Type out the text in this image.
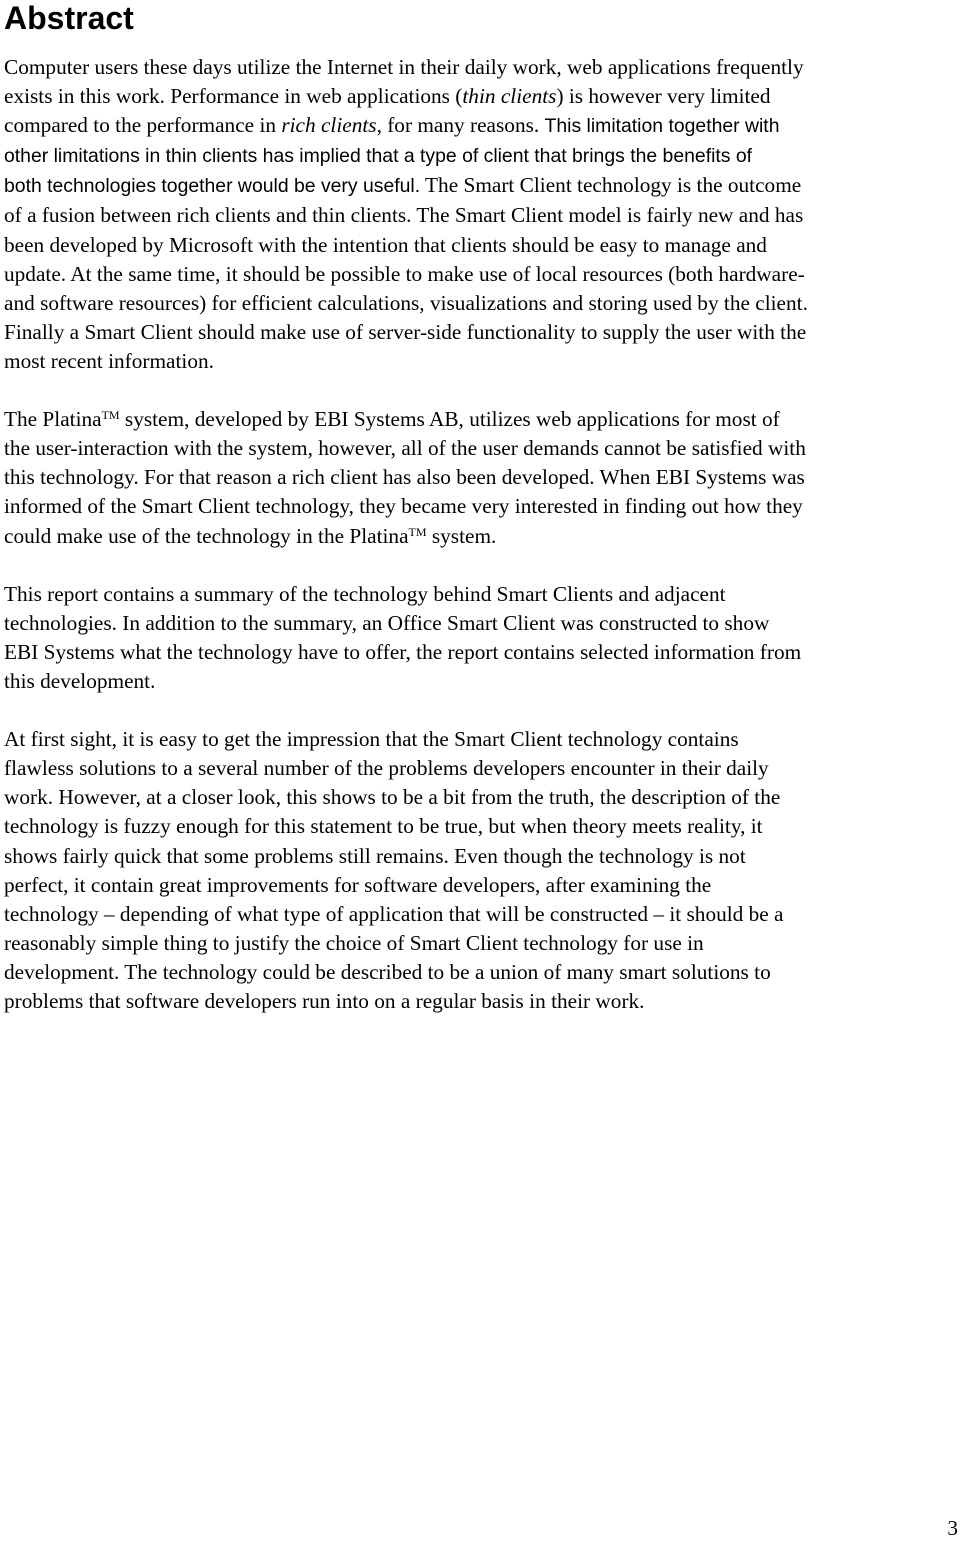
Abstract

Computer users these days utilize the Internet in their daily work, web applications frequently
exists in this work. Performance in web applications (thin clients) is however very limited
compared to the performance in rich clients, for many reasons. This limitation together with
other limitations in thin clients has implied that a type of client that brings the benefits of
both technologies together would be very useful. The Smart Client technology is the outcome
of a fusion between rich clients and thin clients. The Smart Client model is fairly new and has
been developed by Microsoft with the intention that clients should be easy to manage and
update. At the same time, it should be possible to make use of local resources (both hardware-
and software resources) for efficient calculations, visualizations and storing used by the client.
Finally a Smart Client should make use of server-side functionality to supply the user with the
most recent information.

The Platina™ system, developed by EBI Systems AB, utilizes web applications for most of
the user-interaction with the system, however, all of the user demands cannot be satisfied with
this technology. For that reason a rich client has also been developed. When EBI Systems was
informed of the Smart Client technology, they became very interested in finding out how they
could make use of the technology in the Platina™ system.

This report contains a summary of the technology behind Smart Clients and adjacent
technologies. In addition to the summary, an Office Smart Client was constructed to show
EBI Systems what the technology have to offer, the report contains selected information from
this development.

At first sight, it is easy to get the impression that the Smart Client technology contains
flawless solutions to a several number of the problems developers encounter in their daily
work. However, at a closer look, this shows to be a bit from the truth, the description of the
technology is fuzzy enough for this statement to be true, but when theory meets reality, it
shows fairly quick that some problems still remains. Even though the technology is not
perfect, it contain great improvements for software developers, after examining the
technology – depending of what type of application that will be constructed – it should be a
reasonably simple thing to justify the choice of Smart Client technology for use in
development. The technology could be described to be a union of many smart solutions to
problems that software developers run into on a regular basis in their work.

3
